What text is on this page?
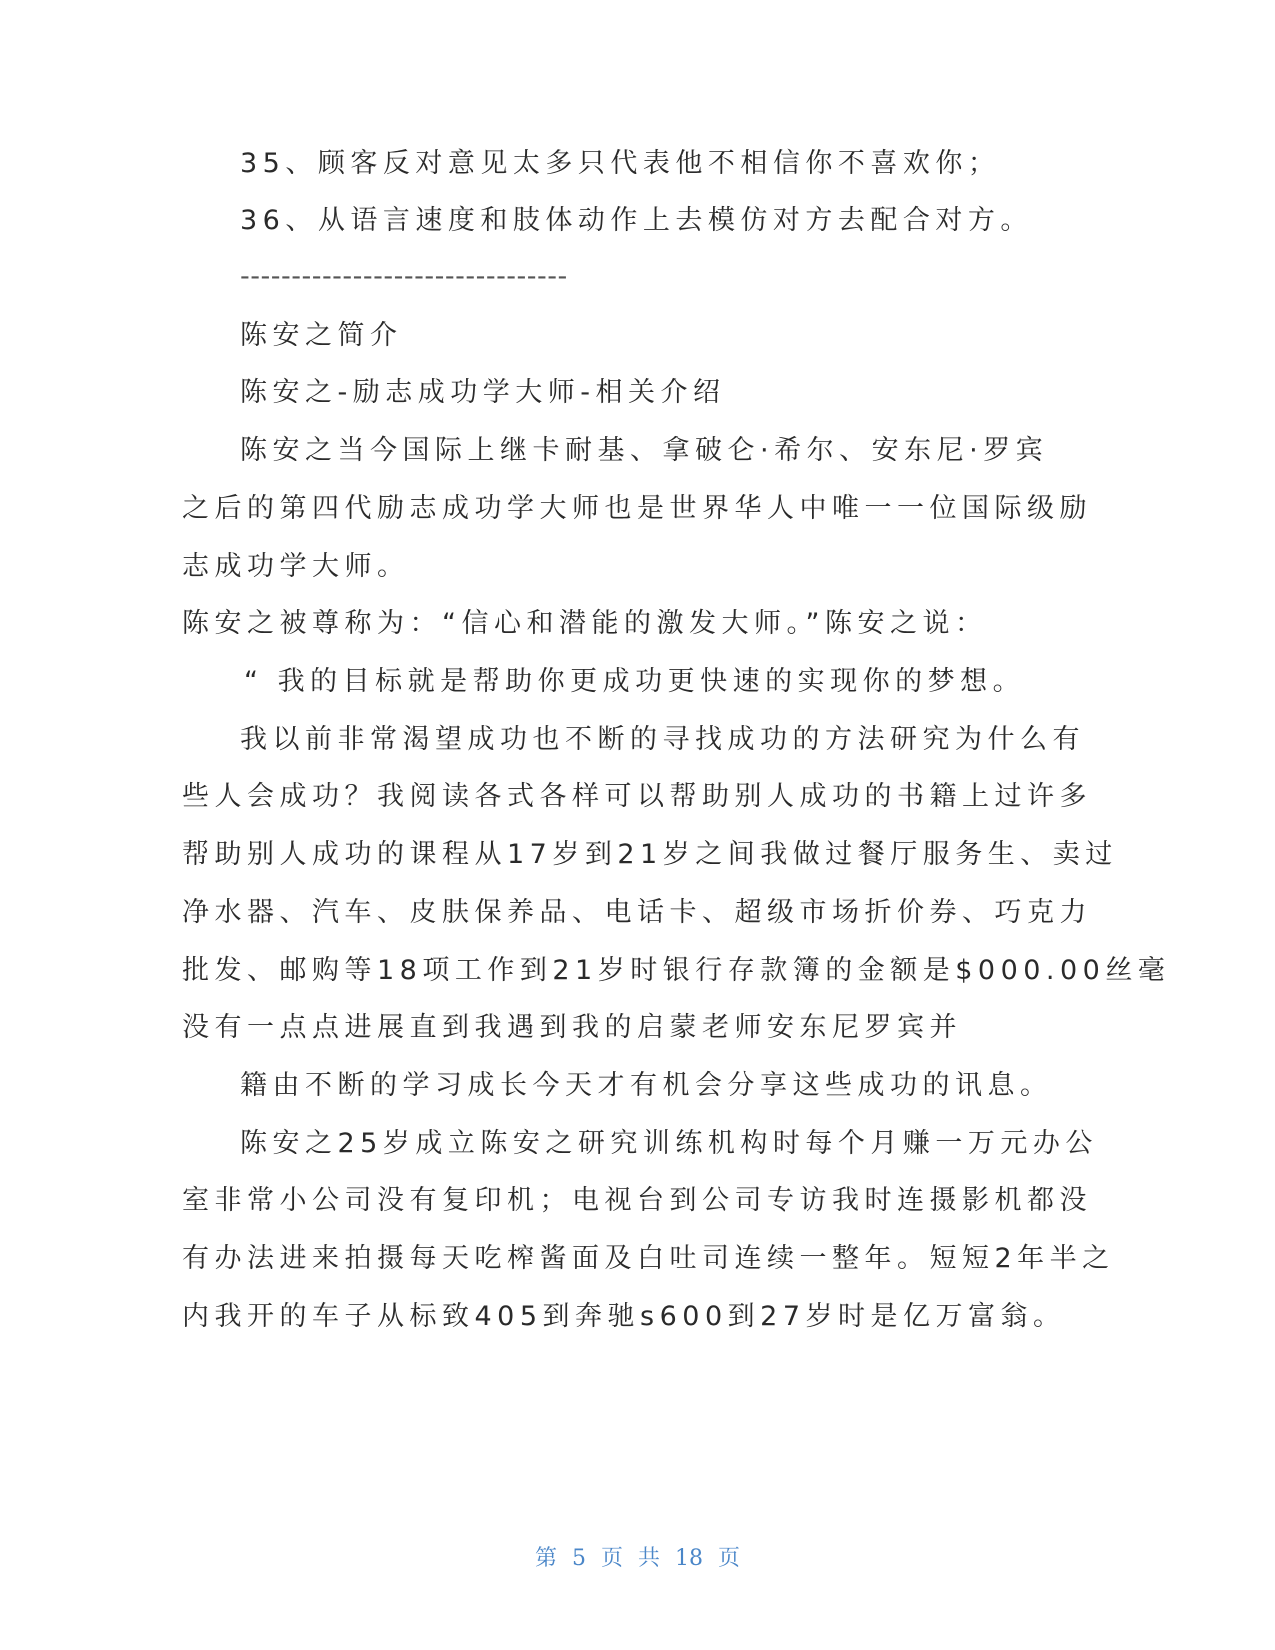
35、顾客反对意见太多只代表他不相信你不喜欢你；

36、从语言速度和肢体动作上去模仿对方去配合对方。

--------------------------------

陈安之简介

陈安之-励志成功学大师-相关介绍

陈安之当今国际上继卡耐基、拿破仑·希尔、安东尼·罗宾

之后的第四代励志成功学大师也是世界华人中唯一一位国际级励

志成功学大师。

陈安之被尊称为：“信心和潜能的激发大师。”陈安之说：

“ 我的目标就是帮助你更成功更快速的实现你的梦想。

我以前非常渴望成功也不断的寻找成功的方法研究为什么有

些人会成功？我阅读各式各样可以帮助别人成功的书籍上过许多

帮助别人成功的课程从17岁到21岁之间我做过餐厅服务生、卖过

净水器、汽车、皮肤保养品、电话卡、超级市场折价券、巧克力

批发、邮购等18项工作到21岁时银行存款簿的金额是$000.00丝毫

没有一点点进展直到我遇到我的启蒙老师安东尼罗宾并

籍由不断的学习成长今天才有机会分享这些成功的讯息。

陈安之25岁成立陈安之研究训练机构时每个月赚一万元办公

室非常小公司没有复印机；电视台到公司专访我时连摄影机都没

有办法进来拍摄每天吃榨酱面及白吐司连续一整年。短短2年半之

内我开的车子从标致405到奔驰s600到27岁时是亿万富翁。

第 5 页 共 18 页
